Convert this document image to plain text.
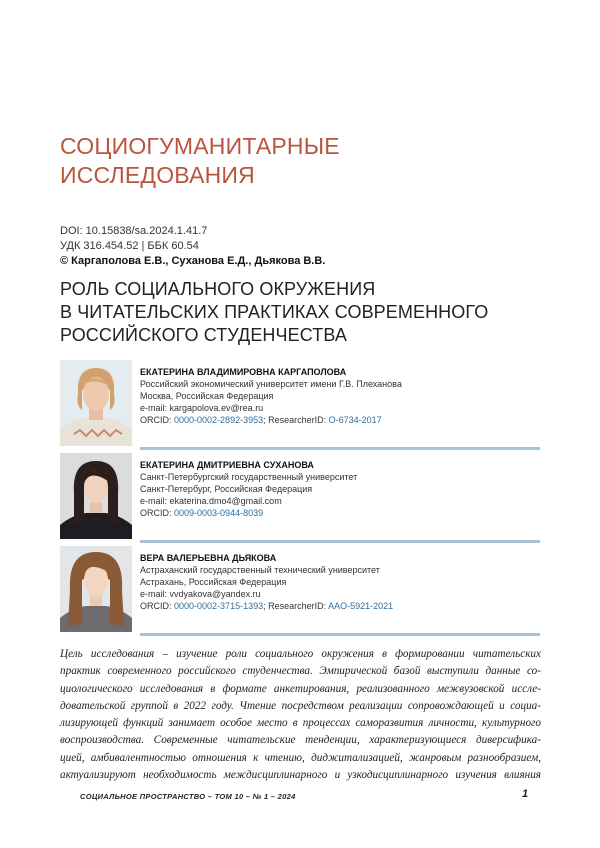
СОЦИОГУМАНИТАРНЫЕ
ИССЛЕДОВАНИЯ
DOI: 10.15838/sa.2024.1.41.7
УДК 316.454.52 | ББК 60.54
© Каргаполова Е.В., Суханова Е.Д., Дьякова В.В.
РОЛЬ СОЦИАЛЬНОГО ОКРУЖЕНИЯ
В ЧИТАТЕЛЬСКИХ ПРАКТИКАХ СОВРЕМЕННОГО
РОССИЙСКОГО СТУДЕНЧЕСТВА
ЕКАТЕРИНА ВЛАДИМИРОВНА КАРГАПОЛОВА
Российский экономический университет имени Г.В. Плеханова
Москва, Российская Федерация
e-mail: kargapolova.ev@rea.ru
ORCID: 0000-0002-2892-3953; ResearcherID: O-6734-2017
ЕКАТЕРИНА ДМИТРИЕВНА СУХАНОВА
Санкт-Петербургский государственный университет
Санкт-Петербург, Российская Федерация
e-mail: ekaterina.dmo4@gmail.com
ORCID: 0009-0003-0944-8039
ВЕРА ВАЛЕРЬЕВНА ДЬЯКОВА
Астраханский государственный технический университет
Астрахань, Российская Федерация
e-mail: vvdyakova@yandex.ru
ORCID: 0000-0002-3715-1393; ResearcherID: AAO-5921-2021
Цель исследования – изучение роли социального окружения в формировании читательских
практик современного российского студенчества. Эмпирической базой выступили данные со-
циологического исследования в формате анкетирования, реализованного межвузовской иссле-
довательской группой в 2022 году. Чтение посредством реализации сопровождающей и социа-
лизирующей функций занимает особое место в процессах саморазвития личности, культурного
воспроизводства. Современные читательские тенденции, характеризующиеся диверсифика-
цией, амбивалентностью отношения к чтению, диджитализацией, жанровым разнообразием,
актуализируют необходимость междисциплинарного и узкодисциплинарного изучения влияния
СОЦИАЛЬНОЕ ПРОСТРАНСТВО – ТОМ 10 – № 1 – 2024	1
